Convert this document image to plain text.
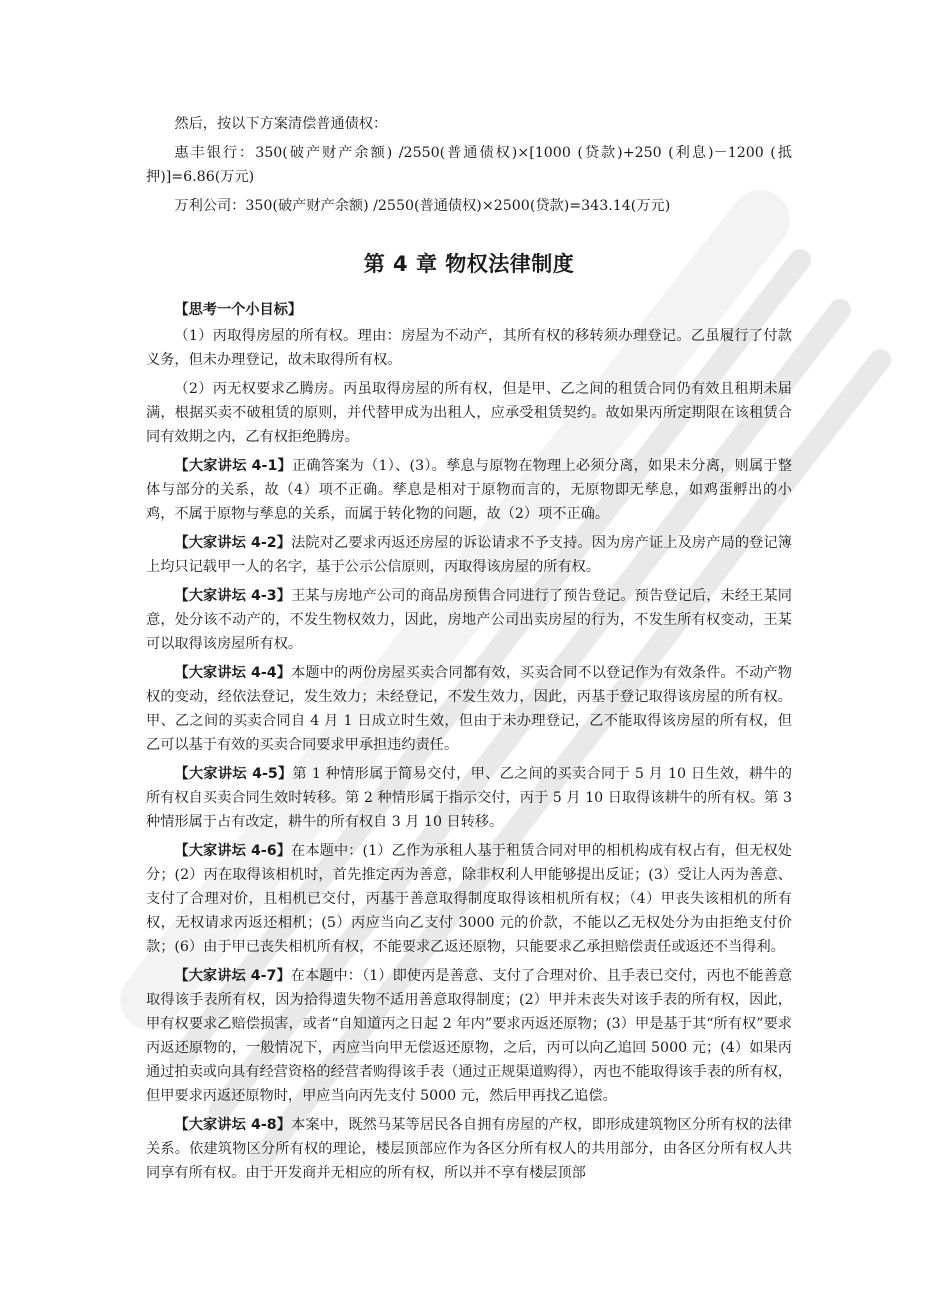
然后，按以下方案清偿普通债权：

惠丰银行：350(破产财产余额) /2550(普通债权)×[1000 (贷款)+250 (利息)－1200 (抵押)]=6.86(万元)

万利公司：350(破产财产余额) /2550(普通债权)×2500(贷款)=343.14(万元)

第 4 章 物权法律制度
【思考一个小目标】

（1）丙取得房屋的所有权。理由：房屋为不动产，其所有权的移转须办理登记。乙虽履行了付款义务，但未办理登记，故未取得所有权。

（2）丙无权要求乙腾房。丙虽取得房屋的所有权，但是甲、乙之间的租赁合同仍有效且租期未届满，根据买卖不破租赁的原则，并代替甲成为出租人，应承受租赁契约。故如果丙所定期限在该租赁合同有效期之内，乙有权拒绝腾房。

【大家讲坛 4-1】正确答案为（1）、(3）。孳息与原物在物理上必须分离，如果未分离，则属于整体与部分的关系，故（4）项不正确。孳息是相对于原物而言的，无原物即无孳息，如鸡蛋孵出的小鸡，不属于原物与孳息的关系，而属于转化物的问题，故（2）项不正确。

【大家讲坛 4-2】法院对乙要求丙返还房屋的诉讼请求不予支持。因为房产证上及房产局的登记簿上均只记载甲一人的名字，基于公示公信原则，丙取得该房屋的所有权。

【大家讲坛 4-3】王某与房地产公司的商品房预售合同进行了预告登记。预告登记后，未经王某同意，处分该不动产的，不发生物权效力，因此，房地产公司出卖房屋的行为，不发生所有权变动，王某可以取得该房屋所有权。

【大家讲坛 4-4】本题中的两份房屋买卖合同都有效，买卖合同不以登记作为有效条件。不动产物权的变动，经依法登记，发生效力；未经登记，不发生效力，因此，丙基于登记取得该房屋的所有权。甲、乙之间的买卖合同自 4 月 1 日成立时生效，但由于未办理登记，乙不能取得该房屋的所有权，但乙可以基于有效的买卖合同要求甲承担违约责任。

【大家讲坛 4-5】第 1 种情形属于简易交付，甲、乙之间的买卖合同于 5 月 10 日生效，耕牛的所有权自买卖合同生效时转移。第 2 种情形属于指示交付，丙于 5 月 10 日取得该耕牛的所有权。第 3 种情形属于占有改定，耕牛的所有权自 3 月 10 日转移。

【大家讲坛 4-6】在本题中：(1）乙作为承租人基于租赁合同对甲的相机构成有权占有，但无权处分；(2）丙在取得该相机时，首先推定丙为善意，除非权利人甲能够提出反证；(3）受让人丙为善意、支付了合理对价，且相机已交付，丙基于善意取得制度取得该相机所有权；（4）甲丧失该相机的所有权，无权请求丙返还相机；(5）丙应当向乙支付 3000 元的价款，不能以乙无权处分为由拒绝支付价款；(6）由于甲已丧失相机所有权，不能要求乙返还原物，只能要求乙承担赔偿责任或返还不当得利。

【大家讲坛 4-7】在本题中：（1）即使丙是善意、支付了合理对价、且手表已交付，丙也不能善意取得该手表所有权，因为拾得遗失物不适用善意取得制度；(2）甲并未丧失对该手表的所有权，因此，甲有权要求乙赔偿损害，或者“自知道丙之日起 2 年内”要求丙返还原物；(3）甲是基于其“所有权”要求丙返还原物的，一般情况下，丙应当向甲无偿返还原物，之后，丙可以向乙追回 5000 元；(4）如果丙通过拍卖或向具有经营资格的经营者购得该手表（通过正规渠道购得），丙也不能取得该手表的所有权，但甲要求丙返还原物时，甲应当向丙先支付 5000 元，然后甲再找乙追偿。

【大家讲坛 4-8】本案中，既然马某等居民各自拥有房屋的产权，即形成建筑物区分所有权的法律关系。依建筑物区分所有权的理论，楼层顶部应作为各区分所有权人的共用部分，由各区分所有权人共同享有所有权。由于开发商并无相应的所有权，所以并不享有楼层顶部
